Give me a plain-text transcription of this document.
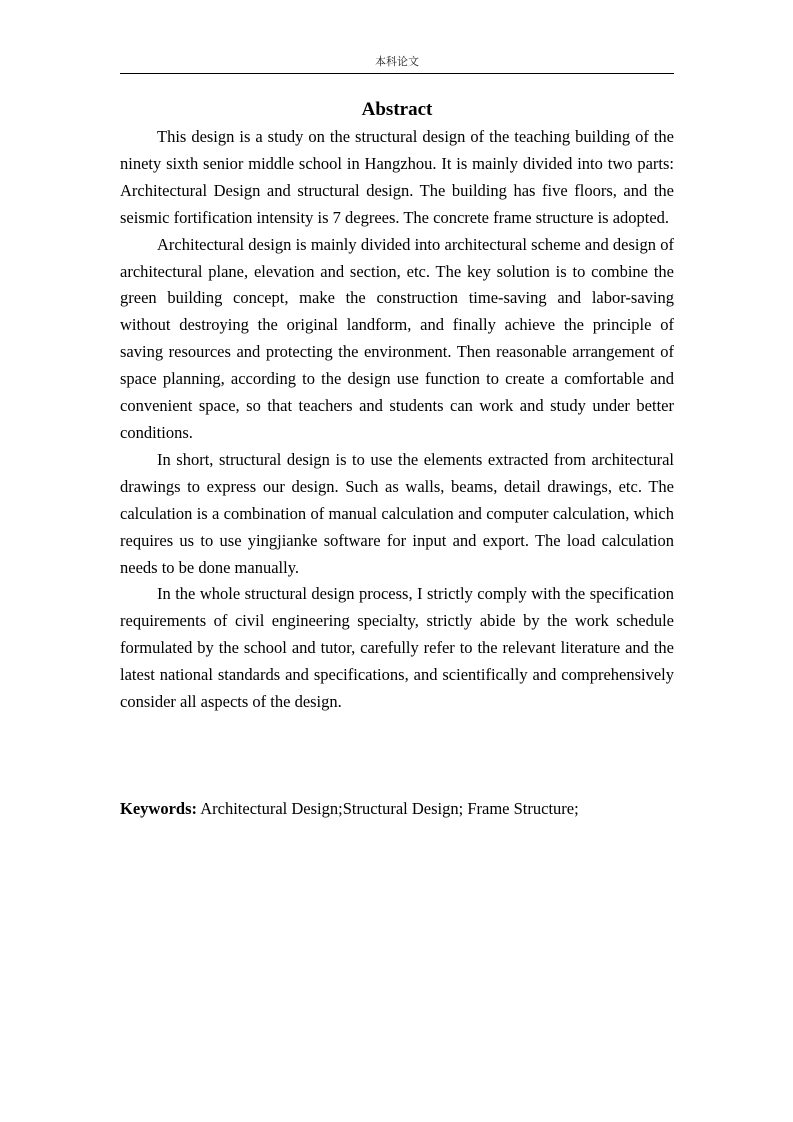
本科论文
Abstract

This design is a study on the structural design of the teaching building of the ninety sixth senior middle school in Hangzhou. It is mainly divided into two parts: Architectural Design and structural design. The building has five floors, and the seismic fortification intensity is 7 degrees. The concrete frame structure is adopted.

Architectural design is mainly divided into architectural scheme and design of architectural plane, elevation and section, etc. The key solution is to combine the green building concept, make the construction time-saving and labor-saving without destroying the original landform, and finally achieve the principle of saving resources and protecting the environment. Then reasonable arrangement of space planning, according to the design use function to create a comfortable and convenient space, so that teachers and students can work and study under better conditions.

In short, structural design is to use the elements extracted from architectural drawings to express our design. Such as walls, beams, detail drawings, etc. The calculation is a combination of manual calculation and computer calculation, which requires us to use yingjianke software for input and export. The load calculation needs to be done manually.

In the whole structural design process, I strictly comply with the specification requirements of civil engineering specialty, strictly abide by the work schedule formulated by the school and tutor, carefully refer to the relevant literature and the latest national standards and specifications, and scientifically and comprehensively consider all aspects of the design.

Keywords: Architectural Design;Structural Design; Frame Structure;
